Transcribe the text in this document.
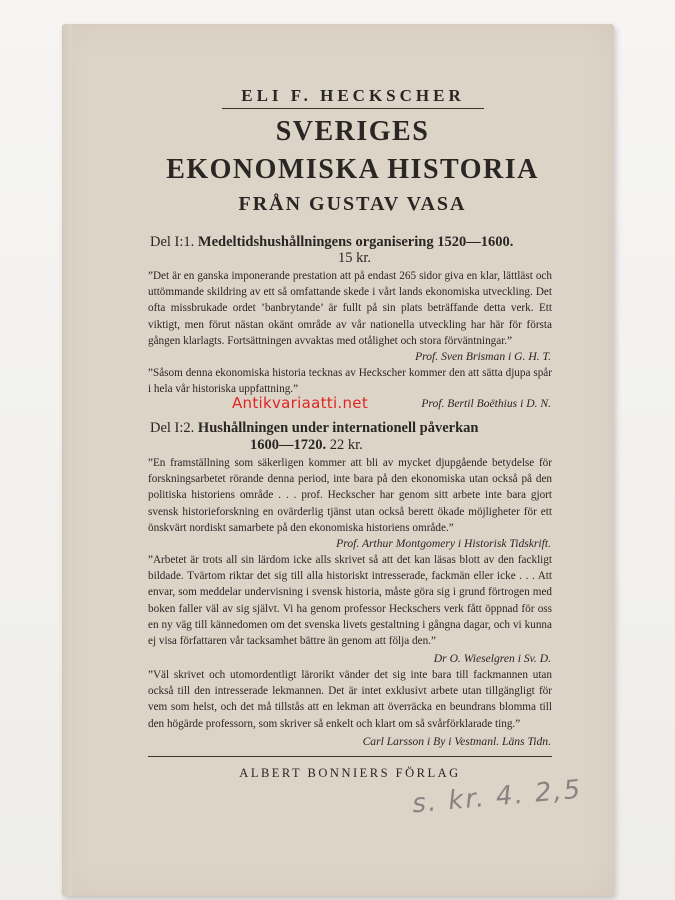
ELI F. HECKSCHER
SVERIGES
EKONOMISKA HISTORIA
FRÅN GUSTAV VASA
Del I:1. Medeltidshushållningens organisering 1520—1600.
15 kr.
”Det är en ganska imponerande prestation att på endast 265 sidor giva en klar, lättläst och uttömmande skildring av ett så omfattande skede i vårt lands ekonomiska utveckling. Det ofta missbrukade ordet ’banbrytande’ är fullt på sin plats beträffande detta verk. Ett viktigt, men förut nästan okänt område av vår nationella utveckling har här för första gången klarlagts. Fortsättningen avvaktas med otålighet och stora förväntningar.”
Prof. Sven Brisman i G. H. T.
”Såsom denna ekonomiska historia tecknas av Heckscher kommer den att sätta djupa spår i hela vår historiska uppfattning.”
Prof. Bertil Boëthius i D. N.
Antikvariaatti.net
Del I:2. Hushållningen under internationell påverkan
1600—1720. 22 kr.
”En framställning som säkerligen kommer att bli av mycket djupgående betydelse för forskningsarbetet rörande denna period, inte bara på den ekonomiska utan också på den politiska historiens område . . . prof. Heckscher har genom sitt arbete inte bara gjort svensk historieforskning en ovärderlig tjänst utan också berett ökade möjligheter för ett önskvärt nordiskt samarbete på den ekonomiska historiens område.”
Prof. Arthur Montgomery i Historisk Tidskrift.
”Arbetet är trots all sin lärdom icke alls skrivet så att det kan läsas blott av den fackligt bildade. Tvärtom riktar det sig till alla historiskt intresserade, fackmän eller icke . . . Att envar, som meddelar undervisning i svensk historia, måste göra sig i grund förtrogen med boken faller väl av sig självt. Vi ha genom professor Heckschers verk fått öppnad för oss en ny väg till kännedomen om det svenska livets gestaltning i gångna dagar, och vi kunna ej visa författaren vår tacksamhet bättre än genom att följa den.”
Dr O. Wieselgren i Sv. D.
”Väl skrivet och utomordentligt lärorikt vänder det sig inte bara till fackmannen utan också till den intresserade lekmannen. Det är intet exklusivt arbete utan tillgängligt för vem som helst, och det må tillstås att en lekman att överräcka en beundrans blomma till den högärde professorn, som skriver så enkelt och klart om så svårförklarade ting.”
Carl Larsson i By i Vestmanl. Läns Tidn.
ALBERT BONNIERS FÖRLAG
s. kr. 4. 2,5
